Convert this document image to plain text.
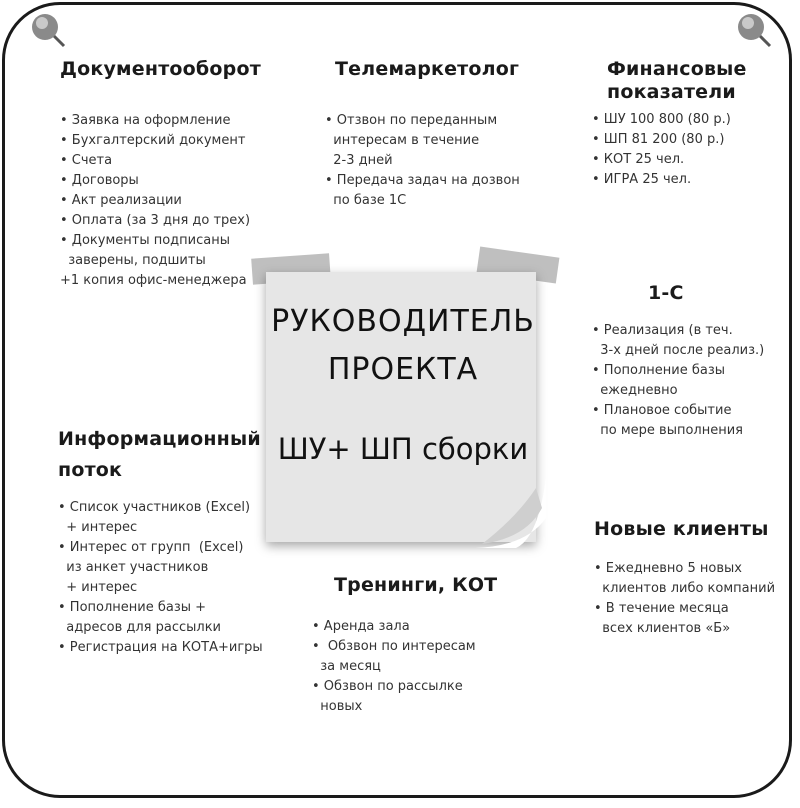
Документооборот
• Заявка на оформление
• Бухгалтерский документ
• Счета
• Договоры
• Акт реализации
• Оплата (за 3 дня до трех)
• Документы подписаны
заверены, подшиты
+1 копия офис-менеджера
Телемаркетолог
• Отзвон по переданным
интересам в течение
2-3 дней
• Передача задач на дозвон
по базе 1С
Финансовые
показатели
• ШУ 100 800 (80 р.)
• ШП 81 200 (80 р.)
• КОТ 25 чел.
• ИГРА 25 чел.
РУКОВОДИТЕЛЬ
ПРОЕКТА
ШУ+ ШП сборки
1-С
• Реализация (в теч.
3-х дней после реализ.)
• Пополнение базы
ежедневно
• Плановое событие
по мере выполнения
Информационный
поток
• Список участников (Excel)
+ интерес
• Интерес от групп  (Excel)
из анкет участников
+ интерес
• Пополнение базы +
адресов для рассылки
• Регистрация на КОТА+игры
Тренинги, КОТ
• Аренда зала
•  Обзвон по интересам
за месяц
• Обзвон по рассылке
новых
Новые клиенты
• Ежедневно 5 новых
клиентов либо компаний
• В течение месяца
всех клиентов «Б»
